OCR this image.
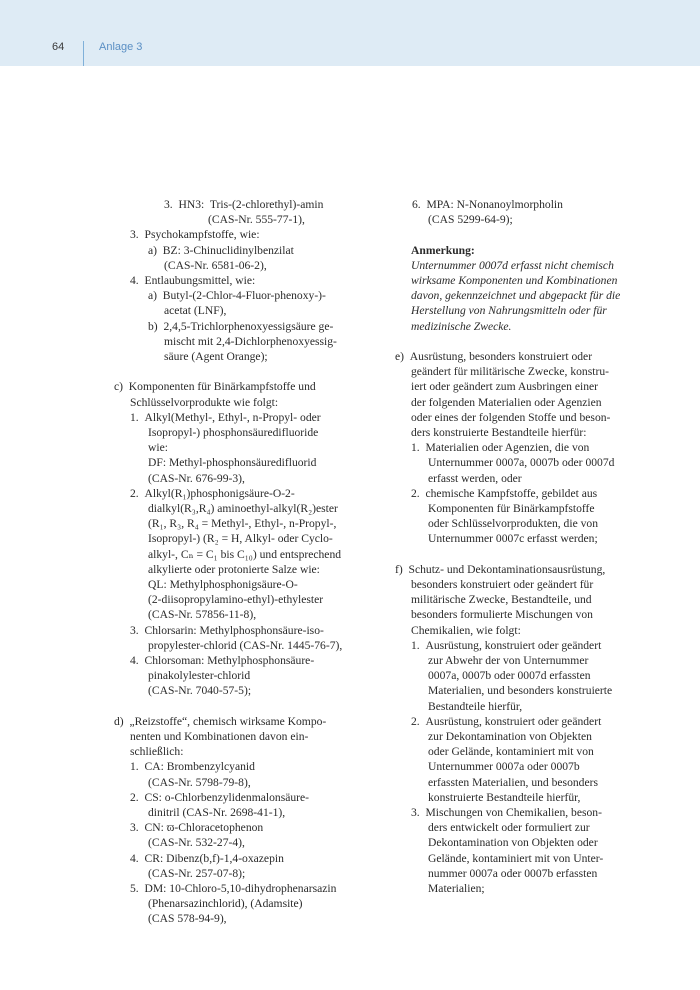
64	Anlage 3
3.  HN3:  Tris-(2-chlorethyl)-amin
(CAS-Nr. 555-77-1),
3.  Psychokampfstoffe, wie:
a)  BZ: 3-Chinuclidinylbenzilat
(CAS-Nr. 6581-06-2),
4.  Entlaubungsmittel, wie:
a)  Butyl-(2-Chlor-4-Fluor-phenoxy-)-
acetat (LNF),
b)  2,4,5-Trichlorphenoxyessigsäure ge-
mischt mit 2,4-Dichlorphenoxyessig-
säure (Agent Orange);
c)  Komponenten für Binärkampfstoffe und
Schlüsselvorprodukte wie folgt:
1.  Alkyl(Methyl-, Ethyl-, n-Propyl- oder
Isopropyl-) phosphonsäuredifluoride
wie:
DF: Methyl-phosphonsäuredifluorid
(CAS-Nr. 676-99-3),
2.  Alkyl(R₁)phosphonigsäure-O-2-
dialkyl(R₃,R₄) aminoethyl-alkyl(R₂)ester
(R₁, R₃, R₄ = Methyl-, Ethyl-, n-Propyl-,
Isopropyl-) (R₂ = H, Alkyl- oder Cyclo-
alkyl-, Cₙ = C₁ bis C₁₀) und entsprechend
alkylierte oder protonierte Salze wie:
QL: Methylphosphonigsäure-O-
(2-diisopropylamino-ethyl)-ethylester
(CAS-Nr. 57856-11-8),
3.  Chlorsarin: Methylphosphonsäure-iso-
propylester-chlorid (CAS-Nr. 1445-76-7),
4.  Chlorsoman: Methylphosphonsäure-
pinakolylester-chlorid
(CAS-Nr. 7040-57-5);
d)  „Reizstoffe“, chemisch wirksame Kompo-
nenten und Kombinationen davon ein-
schließlich:
1.  CA: Brombenzylcyanid
(CAS-Nr. 5798-79-8),
2.  CS: o-Chlorbenzylidenmalonsäure-
dinitril (CAS-Nr. 2698-41-1),
3.  CN: ϖ-Chloracetophenon
(CAS-Nr. 532-27-4),
4.  CR: Dibenz(b,f)-1,4-oxazepin
(CAS-Nr. 257-07-8);
5.  DM: 10-Chloro-5,10-dihydrophenarsazin
(Phenarsazinchlorid), (Adamsite)
(CAS 578-94-9),
6.  MPA: N-Nonanoylmorpholin
(CAS 5299-64-9);
Anmerkung:
Unternummer 0007d erfasst nicht chemisch
wirksame Komponenten und Kombinationen
davon, gekennzeichnet und abgepackt für die
Herstellung von Nahrungsmitteln oder für
medizinische Zwecke.
e)  Ausrüstung, besonders konstruiert oder
geändert für militärische Zwecke, konstru-
iert oder geändert zum Ausbringen einer
der folgenden Materialien oder Agenzien
oder eines der folgenden Stoffe und beson-
ders konstruierte Bestandteile hierfür:
1.  Materialien oder Agenzien, die von
Unternummer 0007a, 0007b oder 0007d
erfasst werden, oder
2.  chemische Kampfstoffe, gebildet aus
Komponenten für Binärkampfstoffe
oder Schlüsselvorprodukten, die von
Unternummer 0007c erfasst werden;
f)  Schutz- und Dekontaminationsausrüstung,
besonders konstruiert oder geändert für
militärische Zwecke, Bestandteile, und
besonders formulierte Mischungen von
Chemikalien, wie folgt:
1.  Ausrüstung, konstruiert oder geändert
zur Abwehr der von Unternummer
0007a, 0007b oder 0007d erfassten
Materialien, und besonders konstruierte
Bestandteile hierfür,
2.  Ausrüstung, konstruiert oder geändert
zur Dekontamination von Objekten
oder Gelände, kontaminiert mit von
Unternummer 0007a oder 0007b
erfassten Materialien, und besonders
konstruierte Bestandteile hierfür,
3.  Mischungen von Chemikalien, beson-
ders entwickelt oder formuliert zur
Dekontamination von Objekten oder
Gelände, kontaminiert mit von Unter-
nummer 0007a oder 0007b erfassten
Materialien;
